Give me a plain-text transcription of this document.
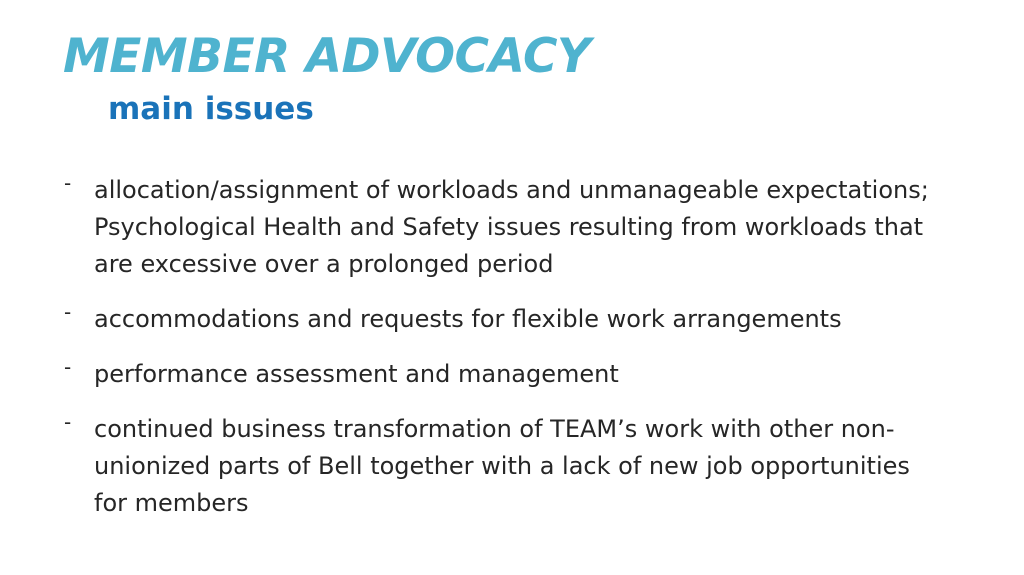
MEMBER ADVOCACY
main issues
- allocation/assignment of workloads and unmanageable expectations; Psychological Health and Safety issues resulting from workloads that are excessive over a prolonged period
- accommodations and requests for flexible work arrangements
- performance assessment and management
- continued business transformation of TEAM’s work with other non-unionized parts of Bell together with a lack of new job opportunities for members
